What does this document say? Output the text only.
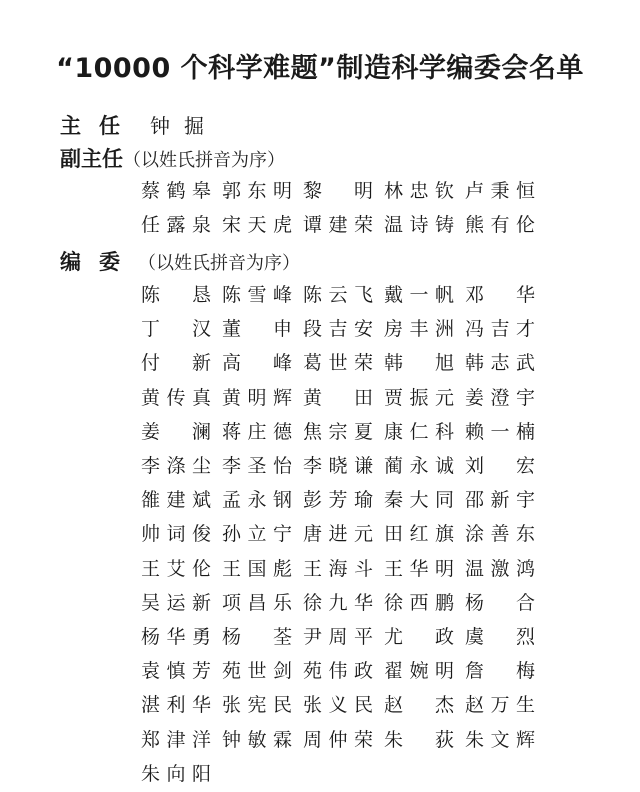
“10000 个科学难题”制造科学编委会名单
主任 钟掘
副主任（以姓氏拼音为序）
蔡鹤皋 郭东明 黎明 林忠钦 卢秉恒
任露泉 宋天虎 谭建荣 温诗铸 熊有伦
编委（以姓氏拼音为序）
陈恳 陈雪峰 陈云飞 戴一帆 邓华
丁汉 董申 段吉安 房丰洲 冯吉才
付新 高峰 葛世荣 韩旭 韩志武
黄传真 黄明辉 黄田 贾振元 姜澄宇
姜澜 蒋庄德 焦宗夏 康仁科 赖一楠
李涤尘 李圣怡 李晓谦 蔺永诚 刘宏
雒建斌 孟永钢 彭芳瑜 秦大同 邵新宇
帅词俊 孙立宁 唐进元 田红旗 涂善东
王艾伦 王国彪 王海斗 王华明 温激鸿
吴运新 项昌乐 徐九华 徐西鹏 杨合
杨华勇 杨荃 尹周平 尤政 虞烈
袁慎芳 苑世剑 苑伟政 翟婉明 詹梅
湛利华 张宪民 张义民 赵杰 赵万生
郑津洋 钟敏霖 周仲荣 朱荻 朱文辉
朱向阳
